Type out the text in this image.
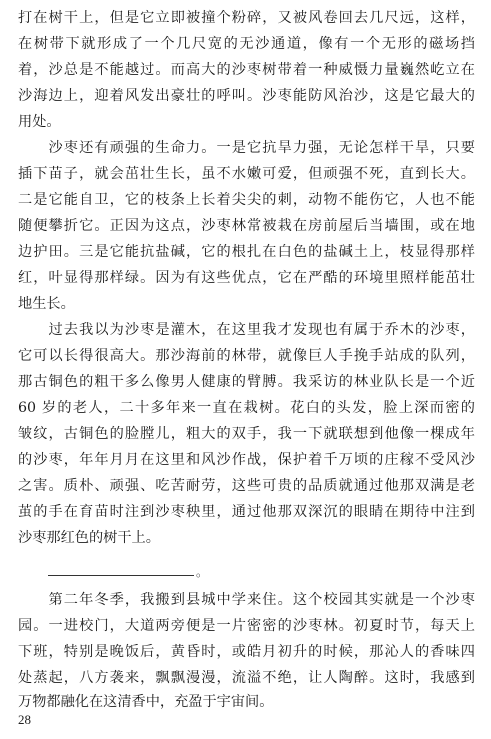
打在树干上，但是它立即被撞个粉碎，又被风卷回去几尺远，这样，
在树带下就形成了一个几尺宽的无沙通道，像有一个无形的磁场挡
着，沙总是不能越过。而高大的沙枣树带着一种威慑力量巍然屹立在
沙海边上，迎着风发出豪壮的呼叫。沙枣能防风治沙，这是它最大的
用处。
　　沙枣还有顽强的生命力。一是它抗旱力强，无论怎样干旱，只要
插下苗子，就会茁壮生长，虽不水嫩可爱，但顽强不死，直到长大。
二是它能自卫，它的枝条上长着尖尖的刺，动物不能伤它，人也不能
随便攀折它。正因为这点，沙枣林常被栽在房前屋后当墙围，或在地
边护田。三是它能抗盐碱，它的根扎在白色的盐碱土上，枝显得那样
红，叶显得那样绿。因为有这些优点，它在严酷的环境里照样能茁壮
地生长。
　　过去我以为沙枣是灌木，在这里我才发现也有属于乔木的沙枣，
它可以长得很高大。那沙海前的林带，就像巨人手挽手站成的队列，
那古铜色的粗干多么像男人健康的臂膊。我采访的林业队长是一个近
60 岁的老人，二十多年来一直在栽树。花白的头发，脸上深而密的
皱纹，古铜色的脸膛儿，粗大的双手，我一下就联想到他像一棵成年
的沙枣，年年月月在这里和风沙作战，保护着千万顷的庄稼不受风沙
之害。质朴、顽强、吃苦耐劳，这些可贵的品质就通过他那双满是老
茧的手在育苗时注到沙枣秧里，通过他那双深沉的眼睛在期待中注到
沙枣那红色的树干上。
。
　　第二年冬季，我搬到县城中学来住。这个校园其实就是一个沙枣
园。一进校门，大道两旁便是一片密密的沙枣林。初夏时节，每天上
下班，特别是晚饭后，黄昏时，或皓月初升的时候，那沁人的香味四
处蒸起，八方袭来，飘飘漫漫，流溢不绝，让人陶醉。这时，我感到
万物都融化在这清香中，充盈于宇宙间。
28
